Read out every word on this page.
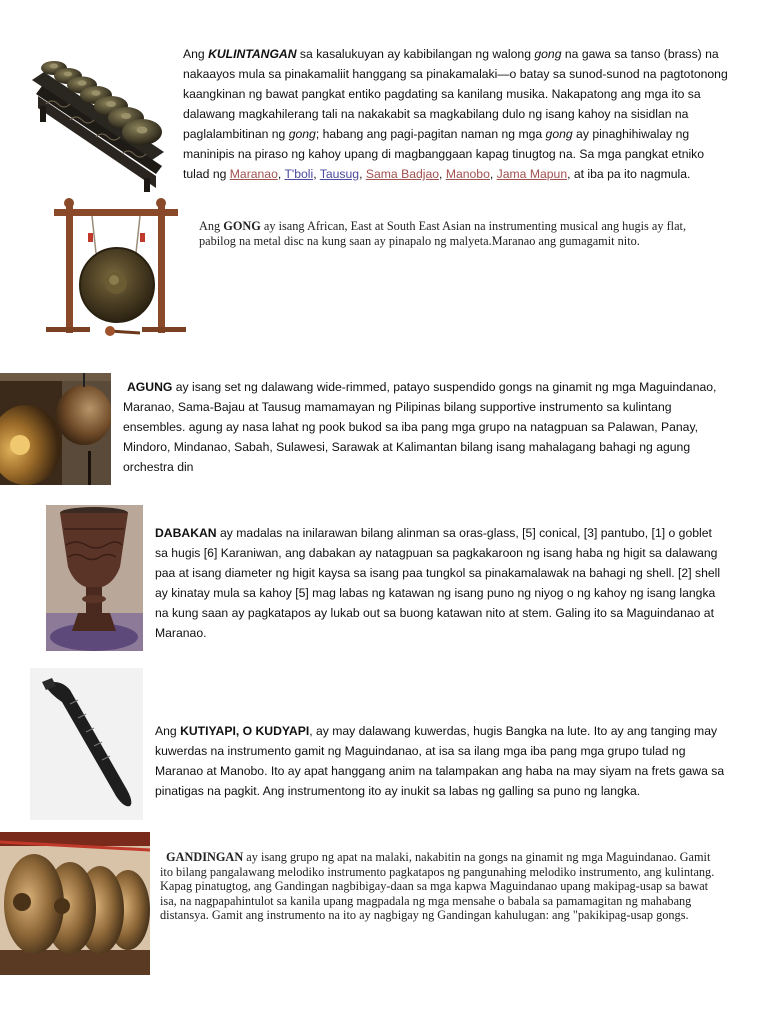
Ang KULINTANGAN sa kasalukuyan ay kabibilangan ng walong gong na gawa sa tanso (brass) na nakaayos mula sa pinakamaliit hanggang sa pinakamalaki—o batay sa sunod-sunod na pagtotonong kaangkinan ng bawat pangkat entiko pagdating sa kanilang musika. Nakapatong ang mga ito sa dalawang magkahilerang tali na nakakabit sa magkabilang dulo ng isang kahoy na sisidlan na paglalambitinan ng gong; habang ang pagi-pagitan naman ng mga gong ay pinaghihiwalay ng maninipis na piraso ng kahoy upang di magbanggaan kapag tinugtog na. Sa mga pangkat etniko tulad ng Maranao, T'boli, Tausug, Sama Badjao, Manobo, Jama Mapun, at iba pa ito nagmula.
Ang GONG ay isang African, East at South East Asian na instrumenting musical ang hugis ay flat, pabilog na metal disc na kung saan ay pinapalo ng malyeta.Maranao ang gumagamit nito.
AGUNG ay isang set ng dalawang wide-rimmed, patayo suspendido gongs na ginamit ng mga Maguindanao, Maranao, Sama-Bajau at Tausug mamamayan ng Pilipinas bilang supportive instrumento sa kulintang ensembles. agung ay nasa lahat ng pook bukod sa iba pang mga grupo na natagpuan sa Palawan, Panay, Mindoro, Mindanao, Sabah, Sulawesi, Sarawak at Kalimantan bilang isang mahalagang bahagi ng agung orchestra din
DABAKAN ay madalas na inilarawan bilang alinman sa oras-glass, [5] conical, [3] pantubo, [1] o goblet sa hugis [6] Karaniwan, ang dabakan ay natagpuan sa pagkakaroon ng isang haba ng higit sa dalawang paa at isang diameter ng higit kaysa sa isang paa tungkol sa pinakamalawak na bahagi ng shell. [2] shell ay kinatay mula sa kahoy [5] mag labas ng katawan ng isang puno ng niyog o ng kahoy ng isang langka na kung saan ay pagkatapos ay lukab out sa buong katawan nito at stem. Galing ito sa Maguindanao at Maranao.
Ang KUTIYAPI, O KUDYAPI, ay may dalawang kuwerdas, hugis Bangka na lute. Ito ay ang tanging may kuwerdas na instrumento gamit ng Maguindanao, at isa sa ilang mga iba pang mga grupo tulad ng Maranao at Manobo. Ito ay apat hanggang anim na talampakan ang haba na may siyam na frets gawa sa pinatigas na pagkit. Ang instrumentong ito ay inukit sa labas ng galling sa puno ng langka.
GANDINGAN ay isang grupo ng apat na malaki, nakabitin na gongs na ginamit ng mga Maguindanao. Gamit ito bilang pangalawang melodiko instrumento pagkatapos ng pangunahing melodiko instrumento, ang kulintang. Kapag pinatugtog, ang Gandingan nagbibigay-daan sa mga kapwa Maguindanao upang makipag-usap sa bawat isa, na nagpapahintulot sa kanila upang magpadala ng mga mensahe o babala sa pamamagitan ng mahabang distansya. Gamit ang instrumento na ito ay nagbigay ng Gandingan kahulugan: ang "pakikipag-usap gongs.
